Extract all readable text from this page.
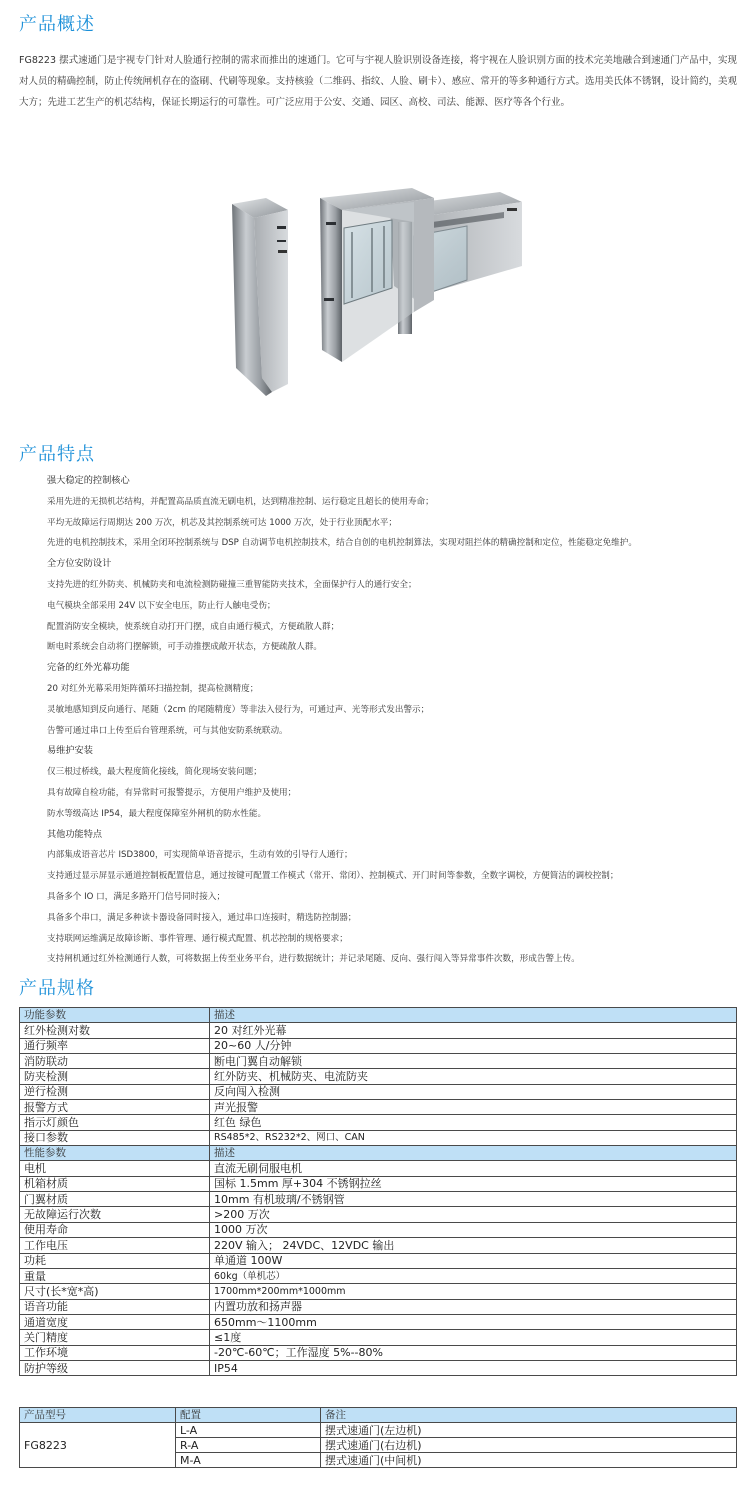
产品概述

FG8223 摆式速通门是宇视专门针对人脸通行控制的需求而推出的速通门。它可与宇视人脸识别设备连接，将宇视在人脸识别方面的技术完美地融合到速通门产品中，实现对人员的精确控制，防止传统闸机存在的盗刷、代刷等现象。支持核验（二维码、指纹、人脸、刷卡）、感应、常开的等多种通行方式。选用美氏体不锈钢，设计简约，美观大方；先进工艺生产的机芯结构，保证长期运行的可靠性。可广泛应用于公安、交通、园区、高校、司法、能源、医疗等各个行业。

产品特点
强大稳定的控制核心
采用先进的无损机芯结构，并配置高品质直流无刷电机，达到精准控制、运行稳定且超长的使用寿命；
平均无故障运行周期达 200 万次，机芯及其控制系统可达 1000 万次，处于行业顶配水平；
先进的电机控制技术，采用全闭环控制系统与 DSP 自动调节电机控制技术，结合自创的电机控制算法，实现对阻拦体的精确控制和定位，性能稳定免维护。
全方位安防设计
支持先进的红外防夹、机械防夹和电流检测防碰撞三重智能防夹技术，全面保护行人的通行安全；
电气模块全部采用 24V 以下安全电压，防止行人触电受伤；
配置消防安全模块，使系统自动打开门摆，成自由通行模式，方便疏散人群；
断电时系统会自动将门摆解锁，可手动推摆成敞开状态，方便疏散人群。
完备的红外光幕功能
20 对红外光幕采用矩阵循环扫描控制，提高检测精度；
灵敏地感知到反向通行、尾随（2cm 的尾随精度）等非法入侵行为，可通过声、光等形式发出警示；
告警可通过串口上传至后台管理系统，可与其他安防系统联动。
易维护安装
仅三根过桥线，最大程度简化接线，简化现场安装问题；
具有故障自检功能，有异常时可报警提示，方便用户维护及使用；
防水等级高达 IP54，最大程度保障室外闸机的防水性能。
其他功能特点
内部集成语音芯片 ISD3800，可实现简单语音提示，生动有效的引导行人通行；
支持通过显示屏显示通道控制板配置信息，通过按键可配置工作模式（常开、常闭）、控制模式、开门时间等参数，全数字调校，方便简洁的调校控制；
具备多个 IO 口，满足多路开门信号同时接入；
具备多个串口，满足多种读卡器设备同时接入，通过串口连接时，精选防控制器；
支持联网运维满足故障诊断、事件管理、通行模式配置、机芯控制的规格要求；
支持闸机通过红外检测通行人数，可将数据上传至业务平台，进行数据统计；并记录尾随、反向、强行闯入等异常事件次数，形成告警上传。
产品规格
功能参数	描述
红外检测对数	20 对红外光幕
通行频率	20~60 人/分钟
消防联动	断电门翼自动解锁
防夹检测	红外防夹、机械防夹、电流防夹
逆行检测	反向闯入检测
报警方式	声光报警
指示灯颜色	红色 绿色
接口参数	RS485*2、RS232*2、网口、CAN
性能参数	描述
电机	直流无刷伺服电机
机箱材质	国标 1.5mm 厚+304 不锈钢拉丝
门翼材质	10mm 有机玻璃/不锈钢管
无故障运行次数	>200 万次
使用寿命	1000 万次
工作电压	220V 输入； 24VDC、12VDC 输出
功耗	单通道 100W
重量	60kg（单机芯）
尺寸(长*宽*高)	1700mm*200mm*1000mm
语音功能	内置功放和扬声器
通道宽度	650mm～1100mm
关门精度	≤1度
工作环境	-20℃-60℃；工作湿度 5%--80%
防护等级	IP54
产品型号	配置	备注
FG8223	L-A	摆式速通门(左边机)
	R-A	摆式速通门(右边机)
	M-A	摆式速通门(中间机)
